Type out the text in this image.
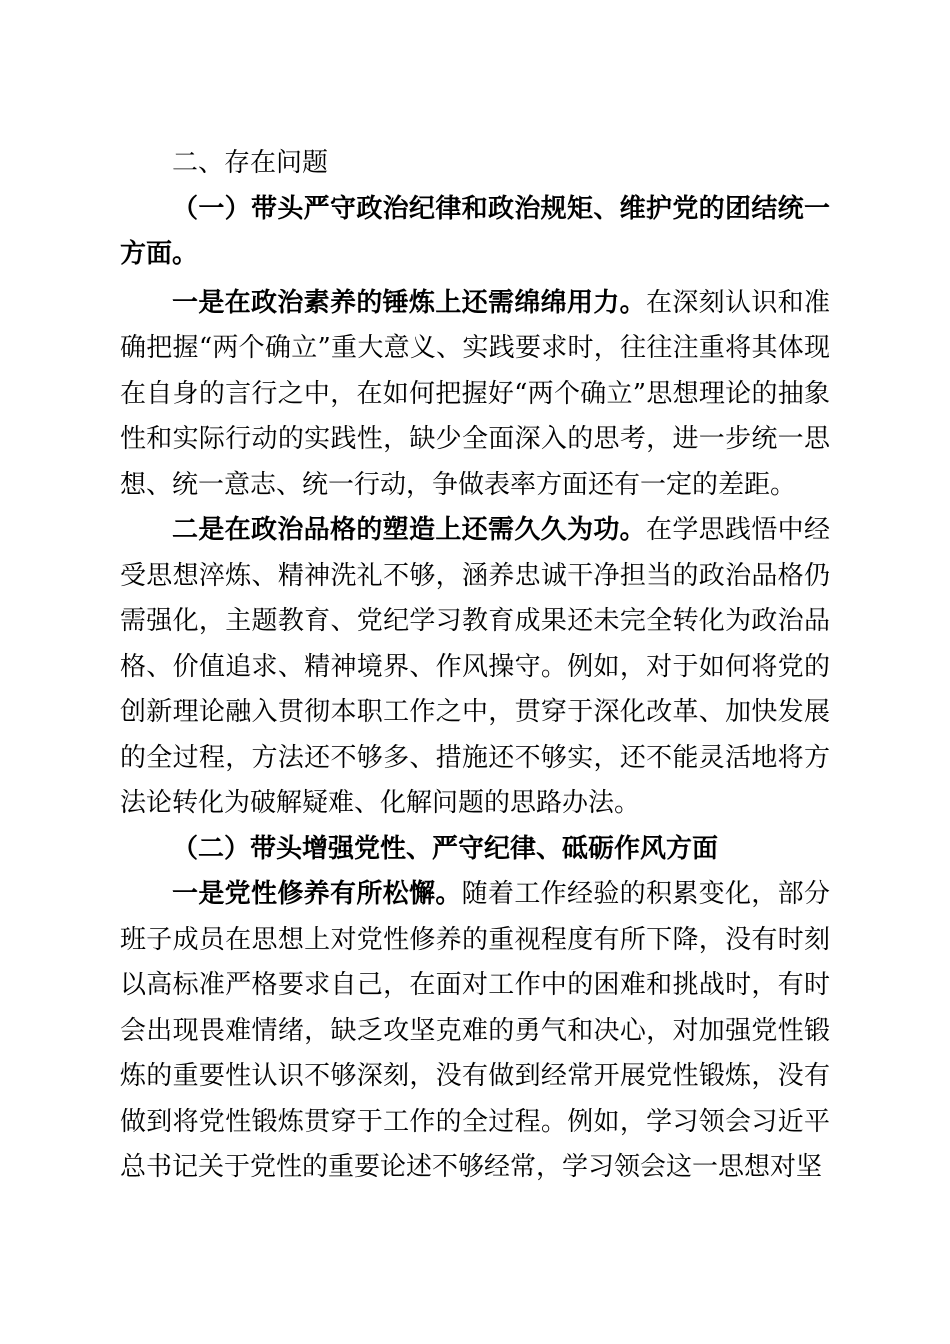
二、存在问题

（一）带头严守政治纪律和政治规矩、维护党的团结统一方面。

一是在政治素养的锤炼上还需绵绵用力。在深刻认识和准确把握“两个确立”重大意义、实践要求时，往往注重将其体现在自身的言行之中，在如何把握好“两个确立”思想理论的抽象性和实际行动的实践性，缺少全面深入的思考，进一步统一思想、统一意志、统一行动，争做表率方面还有一定的差距。

二是在政治品格的塑造上还需久久为功。在学思践悟中经受思想淬炼、精神洗礼不够，涵养忠诚干净担当的政治品格仍需强化，主题教育、党纪学习教育成果还未完全转化为政治品格、价值追求、精神境界、作风操守。例如，对于如何将党的创新理论融入贯彻本职工作之中，贯穿于深化改革、加快发展的全过程，方法还不够多、措施还不够实，还不能灵活地将方法论转化为破解疑难、化解问题的思路办法。

（二）带头增强党性、严守纪律、砥砺作风方面

一是党性修养有所松懈。随着工作经验的积累变化，部分班子成员在思想上对党性修养的重视程度有所下降，没有时刻以高标准严格要求自己，在面对工作中的困难和挑战时，有时会出现畏难情绪，缺乏攻坚克难的勇气和决心，对加强党性锻炼的重要性认识不够深刻，没有做到经常开展党性锻炼，没有做到将党性锻炼贯穿于工作的全过程。例如，学习领会习近平总书记关于党性的重要论述不够经常，学习领会这一思想对坚
